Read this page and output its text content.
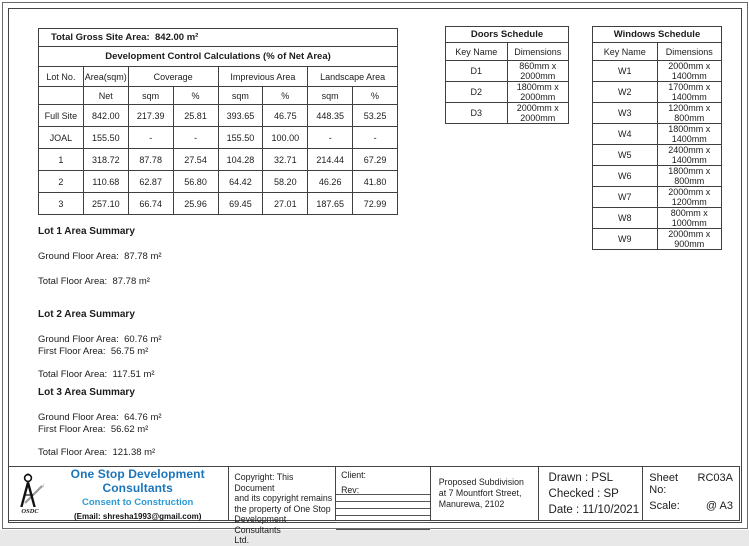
Total Gross Site Area:  842.00 m²							
Development Control Calculations (% of Net Area)							
Lot No.	Area(sqm)	Coverage		Imprevious Area		Landscape Area	
	Net	sqm	%	sqm	%	sqm	%
Full Site	842.00	217.39	25.81	393.65	46.75	448.35	53.25
JOAL	155.50	-	-	155.50	100.00	-	-
1	318.72	87.78	27.54	104.28	32.71	214.44	67.29
2	110.68	62.87	56.80	64.42	58.20	46.26	41.80
3	257.10	66.74	25.96	69.45	27.01	187.65	72.99
Doors Schedule	
Key Name	Dimensions
D1	860mm x 2000mm
D2	1800mm x 2000mm
D3	2000mm x 2000mm
Windows Schedule	
Key Name	Dimensions
W1	2000mm x 1400mm
W2	1700mm x 1400mm
W3	1200mm x 800mm
W4	1800mm x 1400mm
W5	2400mm x 1400mm
W6	1800mm x 800mm
W7	2000mm x 1200mm
W8	800mm x 1000mm
W9	2000mm x 900mm
Lot 1 Area Summary
Ground Floor Area:  87.78 m²
Total Floor Area:  87.78 m²
Lot 2 Area Summary
Ground Floor Area:  60.76 m²
First Floor Area:  56.75 m²
Total Floor Area:  117.51 m²
Lot 3 Area Summary
Ground Floor Area:  64.76 m²
First Floor Area:  56.62 m²
Total Floor Area:  121.38 m²
OSDC
One Stop Development Consultants
Consent to Construction
(Email: shresha1993@gmail.com)
Copyright: This Document
and its copyright remains
the property of One Stop
Development Consultants
Ltd.
Client:
Rev:
Proposed Subdivision
at 7 Mountfort Street,
Manurewa, 2102
Drawn : PSL
Checked : SP
Date : 11/10/2021
Sheet No:
RC03A
Scale: @ A3
